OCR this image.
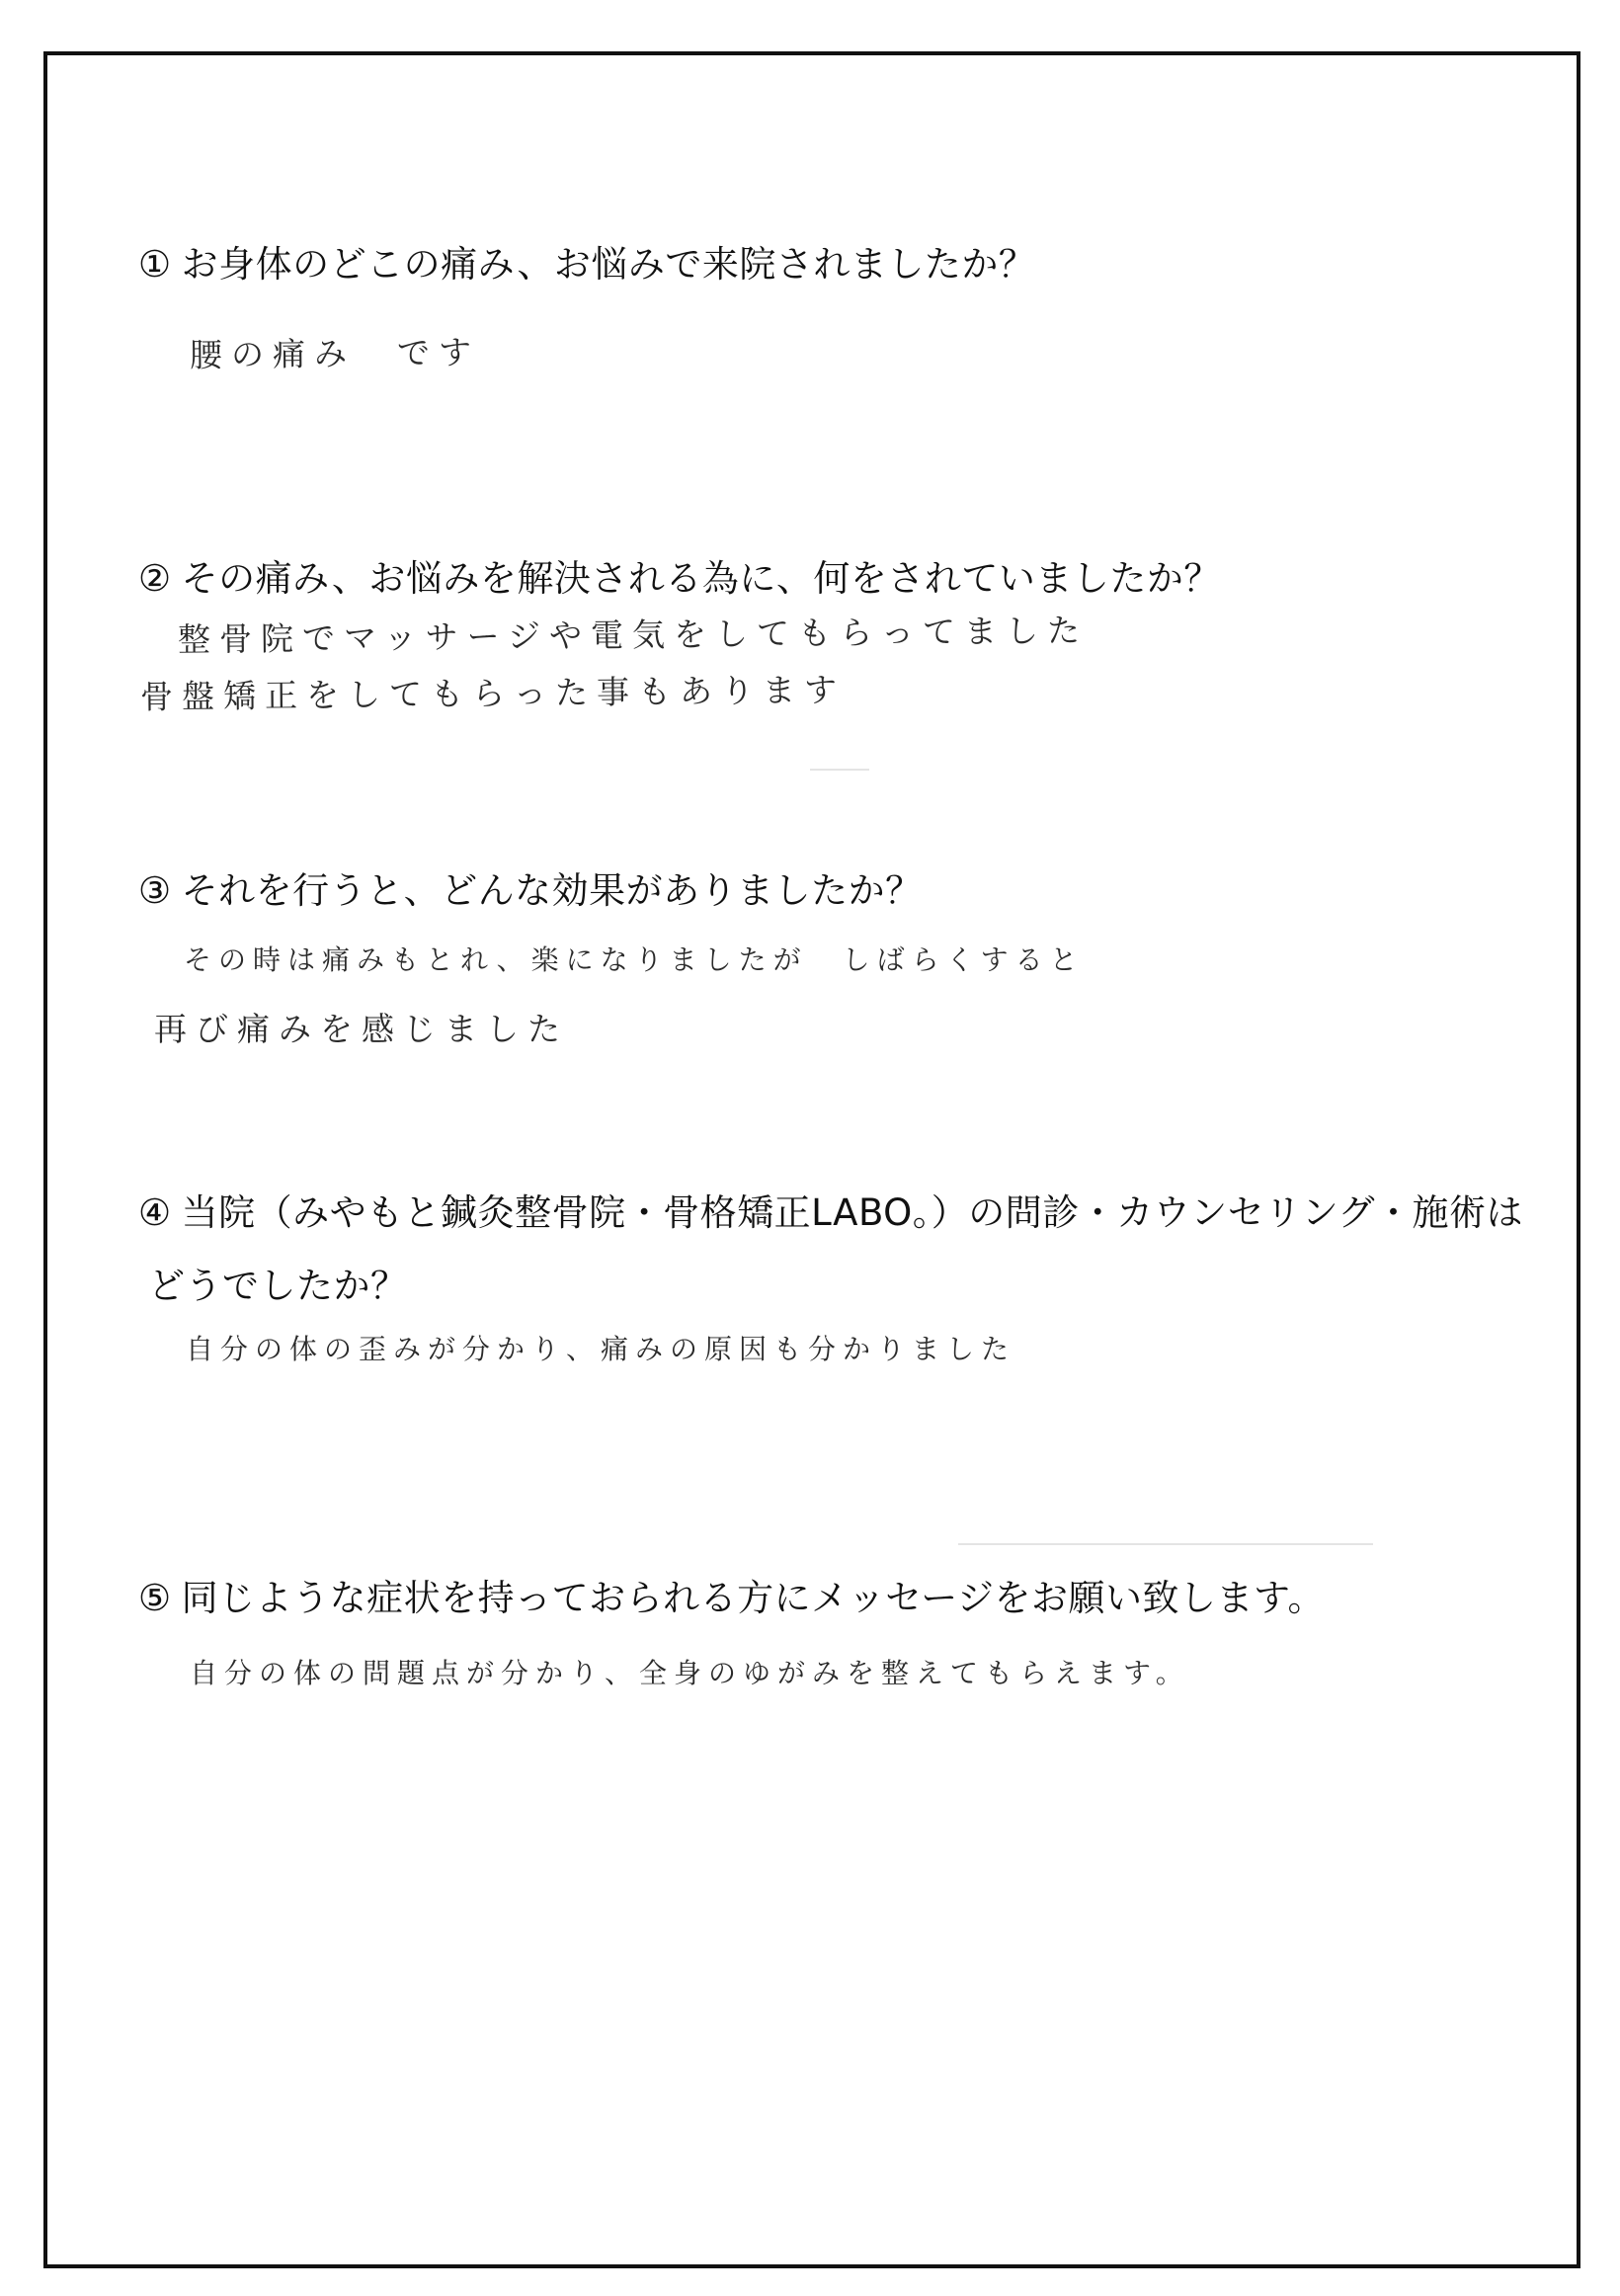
① お身体のどこの痛み、お悩みで来院されましたか？
腰の痛み　です
② その痛み、お悩みを解決される為に、何をされていましたか？
整骨院でマッサージや電気をしてもらってました
骨盤矯正をしてもらった事もあります
③ それを行うと、どんな効果がありましたか？
その時は痛みもとれ、楽になりましたが　しばらくすると
再び痛みを感じました
④ 当院（みやもと鍼灸整骨院・骨格矯正LABO。）の問診・カウンセリング・施術は
どうでしたか？
自分の体の歪みが分かり、痛みの原因も分かりました
⑤ 同じような症状を持っておられる方にメッセージをお願い致します。
自分の体の問題点が分かり、全身のゆがみを整えてもらえます。
